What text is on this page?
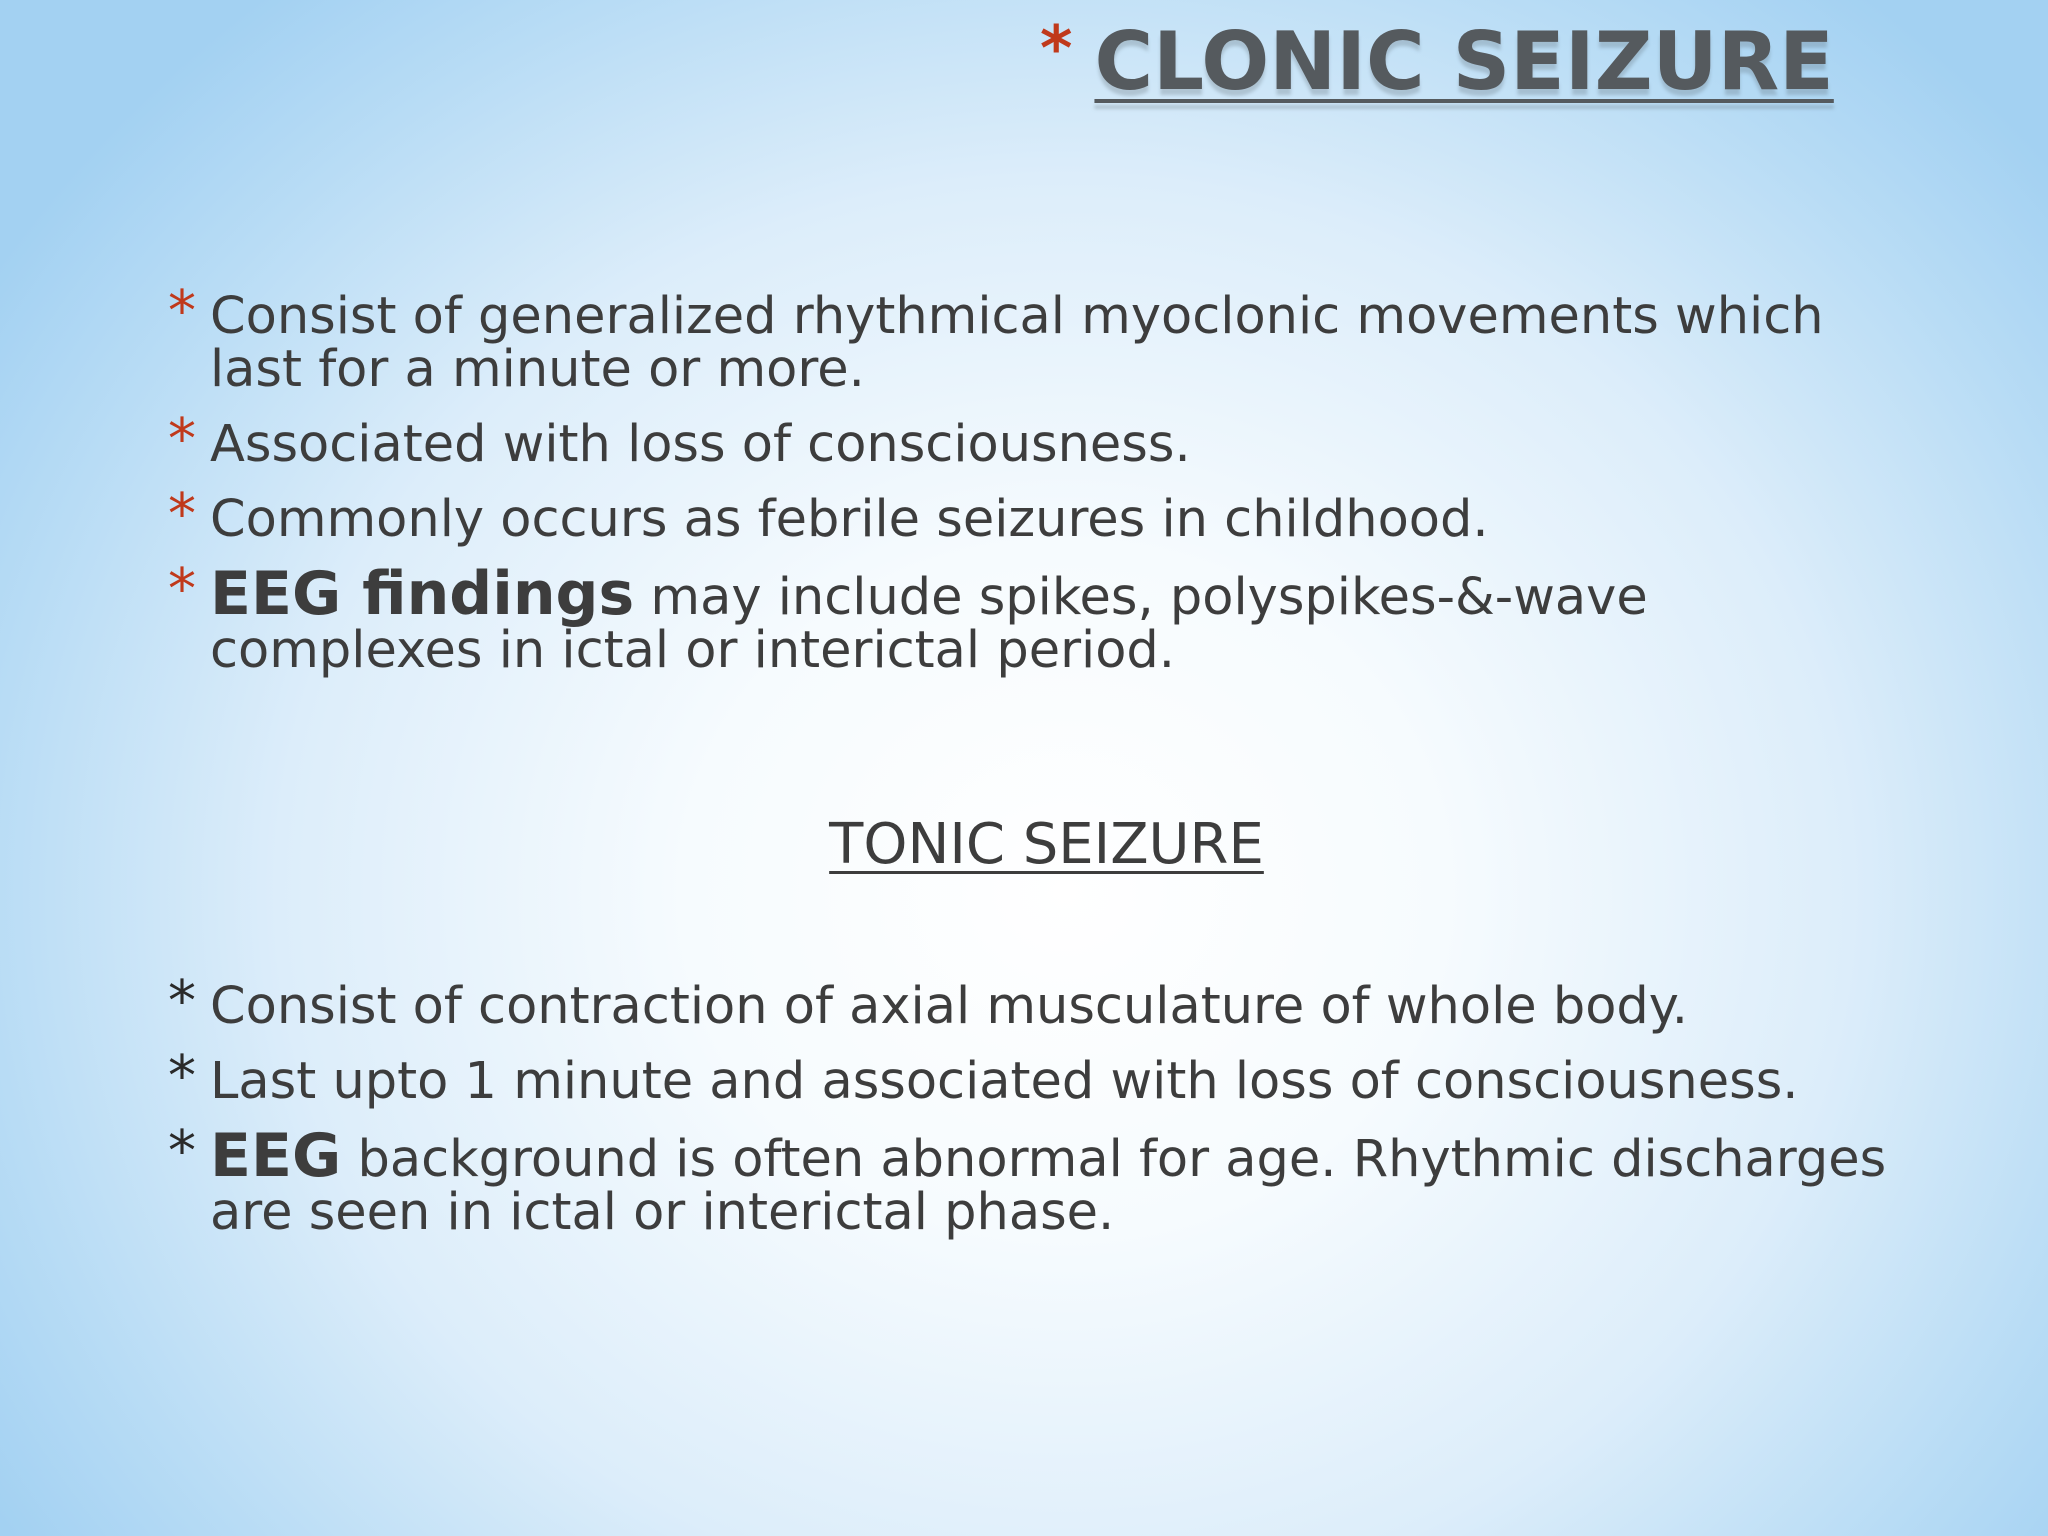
* CLONIC SEIZURE
* Consist of generalized rhythmical myoclonic movements which last for a minute or more.
* Associated with loss of consciousness.
* Commonly occurs as febrile seizures in childhood.
* EEG findings may include spikes, polyspikes-&-wave complexes in ictal or interictal period.
TONIC SEIZURE
* Consist of contraction of axial musculature of whole body.
* Last upto 1 minute and associated with loss of consciousness.
* EEG background is often abnormal for age. Rhythmic discharges are seen in ictal or interictal phase.
